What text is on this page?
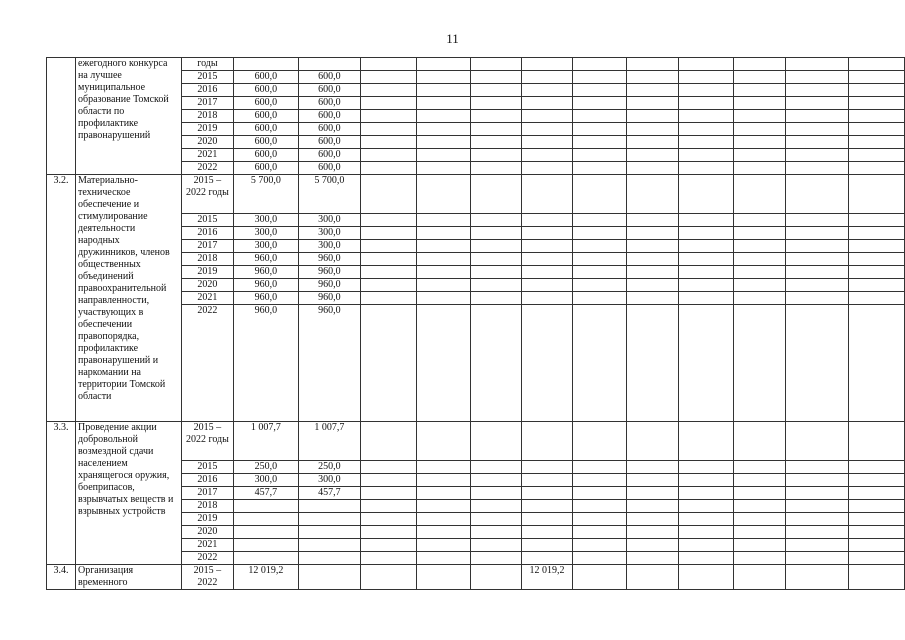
11
	ежегодного конкурса на лучшее муниципальное образование Томской области по профилактике правонарушений	годы												
		2015	600,0	600,0										
		2016	600,0	600,0										
		2017	600,0	600,0										
		2018	600,0	600,0										
		2019	600,0	600,0										
		2020	600,0	600,0										
		2021	600,0	600,0										
		2022	600,0	600,0										
3.2.	Материально-техническое обеспечение и стимулирование деятельности народных дружинников, членов общественных объединений правоохранительной направленности, участвующих в обеспечении правопорядка, профилактике правонарушений и наркомании на территории Томской области	2015 – 2022 годы	5 700,0	5 700,0										
		2015	300,0	300,0										
		2016	300,0	300,0										
		2017	300,0	300,0										
		2018	960,0	960,0										
		2019	960,0	960,0										
		2020	960,0	960,0										
		2021	960,0	960,0										
		2022	960,0	960,0										
3.3.	Проведение акции добровольной возмездной сдачи населением хранящегося оружия, боеприпасов, взрывчатых веществ и взрывных устройств	2015 – 2022 годы	1 007,7	1 007,7										
		2015	250,0	250,0										
		2016	300,0	300,0										
		2017	457,7	457,7										
		2018												
		2019												
		2020												
		2021												
		2022												
3.4.	Организация временного	2015 – 2022	12 019,2					12 019,2						
